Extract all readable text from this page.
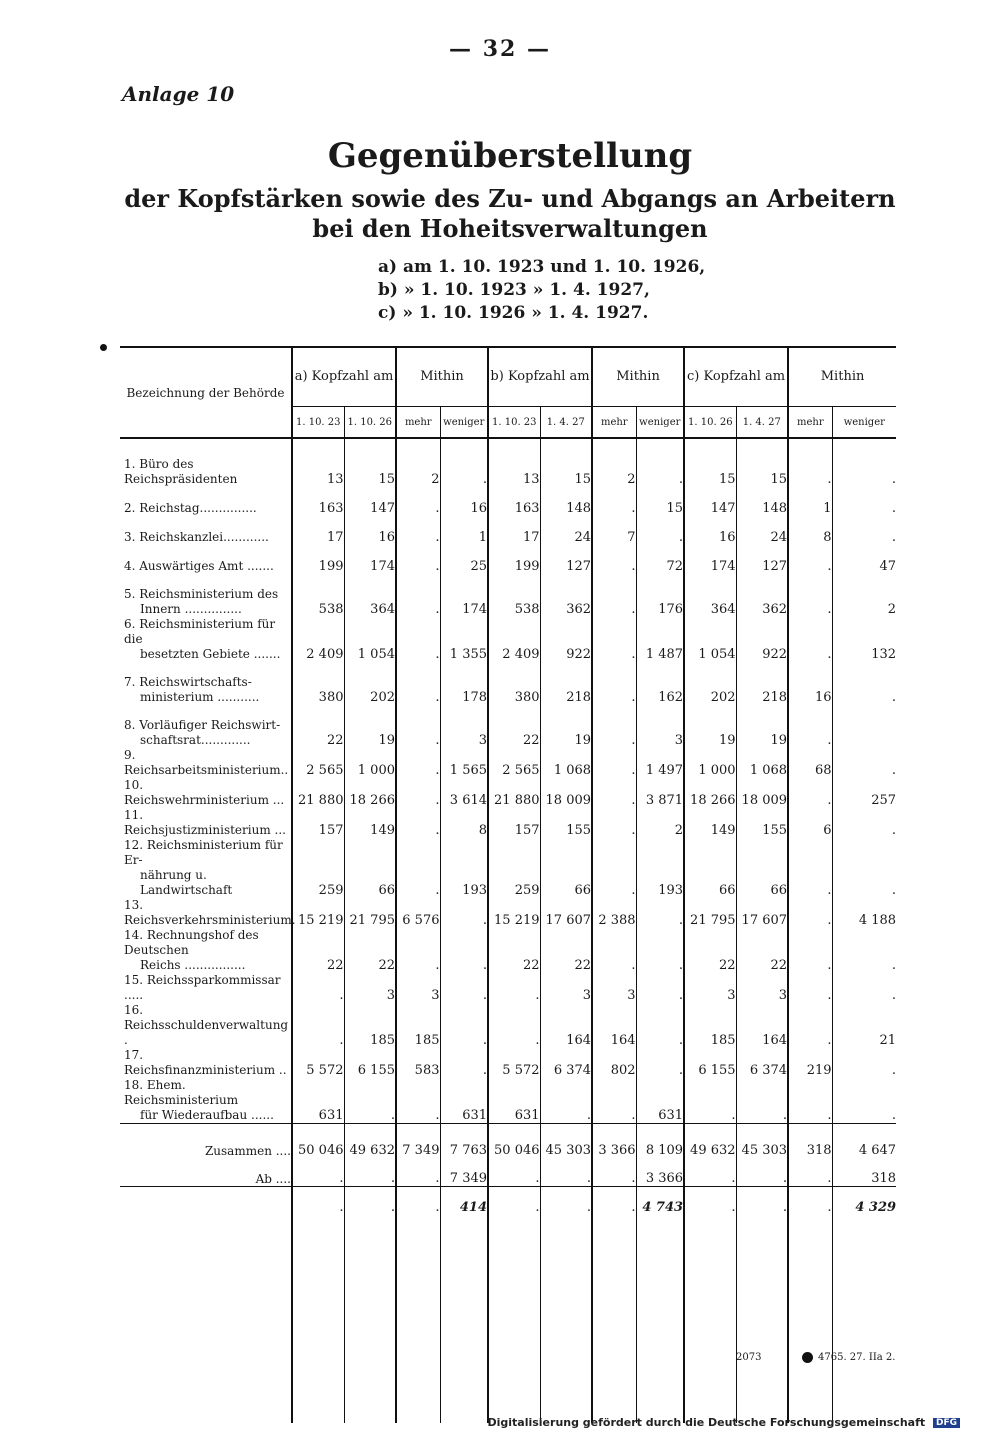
— 32 —
Anlage 10
Gegenüberstellung
der Kopfstärken sowie des Zu- und Abgangs an Arbeitern
bei den Hoheitsverwaltungen
a) am 1. 10. 1923 und 1. 10. 1926,
b) » 1. 10. 1923 » 1. 4. 1927,
c) » 1. 10. 1926 » 1. 4. 1927.
Bezeichnung der Behörde	a) Kopfzahl am		Mithin		b) Kopfzahl am		Mithin		c) Kopfzahl am		Mithin	
	1. 10. 23	1. 10. 26	mehr	weniger	1. 10. 23	1. 4. 27	mehr	weniger	1. 10. 26	1. 4. 27	mehr	weniger

1. Büro des Reichspräsidenten	13	15	2	.	13	15	2	.	15	15	.	.

2. Reichstag...............	163	147	.	16	163	148	.	15	147	148	1	.

3. Reichskanzlei............	17	16	.	1	17	24	7	.	16	24	8	.

4. Auswärtiges Amt .......	199	174	.	25	199	127	.	72	174	127	.	47

5. Reichsministerium des
Innern ...............	538	364	.	174	538	362	.	176	364	362	.	2

6. Reichsministerium für die
besetzten Gebiete .......	2 409	1 054	.	1 355	2 409	922	.	1 487	1 054	922	.	132

7. Reichswirtschafts-
ministerium ...........	380	202	.	178	380	218	.	162	202	218	16	.

8. Vorläufiger Reichswirt-
schaftsrat.............	22	19	.	3	22	19	.	3	19	19	.	

9. Reichsarbeitsministerium..	2 565	1 000	.	1 565	2 565	1 068	.	1 497	1 000	1 068	68	.

10. Reichswehrministerium ...	21 880	18 266	.	3 614	21 880	18 009	.	3 871	18 266	18 009	.	257

11. Reichsjustizministerium ...	157	149	.	8	157	155	.	2	149	155	6	.

12. Reichsministerium für Er-
nährung u. Landwirtschaft	259	66	.	193	259	66	.	193	66	66	.	.

13. Reichsverkehrsministerium.	15 219	21 795	6 576	.	15 219	17 607	2 388	.	21 795	17 607	.	4 188

14. Rechnungshof des Deutschen
Reichs ................	22	22	.	.	22	22	.	.	22	22	.	.

15. Reichssparkommissar .....	.	3	3	.	.	3	3	.	3	3	.	.

16. Reichsschuldenverwaltung .	.	185	185	.	.	164	164	.	185	164	.	21

17. Reichsfinanzministerium ..	5 572	6 155	583	.	5 572	6 374	802	.	6 155	6 374	219	.

18. Ehem. Reichsministerium
für Wiederaufbau ......	631	.	.	631	631	.	.	631	.	.	.	.
Zusammen ....	50 046	49 632	7 349	7 763	50 046	45 303	3 366	8 109	49 632	45 303	318	4 647
Ab ....	.	.	.	7 349	.	.	.	3 366	.	.	.	318
	.	.	.	414	.	.	.	4 743	.	.	.	4 329

2073	4765. 27. IIa 2.
Digitalisierung gefördert durch die Deutsche Forschungsgemeinschaft DFG
